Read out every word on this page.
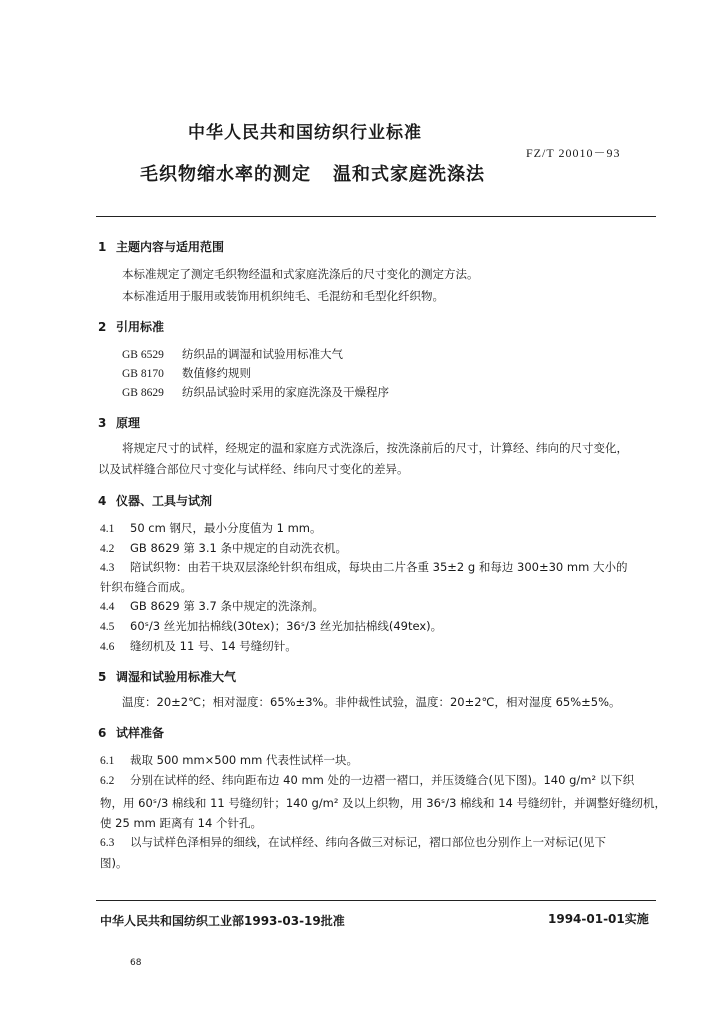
中华人民共和国纺织行业标准
FZ/T 20010－93
毛织物缩水率的测定 温和式家庭洗涤法
1 主题内容与适用范围
本标准规定了测定毛织物经温和式家庭洗涤后的尺寸变化的测定方法。
本标准适用于服用或装饰用机织纯毛、毛混纺和毛型化纤织物。
2 引用标准
GB 6529 纺织品的调湿和试验用标准大气
GB 8170 数值修约规则
GB 8629 纺织品试验时采用的家庭洗涤及干燥程序
3 原理
将规定尺寸的试样，经规定的温和家庭方式洗涤后，按洗涤前后的尺寸，计算经、纬向的尺寸变化，
以及试样缝合部位尺寸变化与试样经、纬向尺寸变化的差异。
4 仪器、工具与试剂
4.1 50 cm 钢尺，最小分度值为 1 mm。
4.2 GB 8629 第 3.1 条中规定的自动洗衣机。
4.3 陪试织物：由若干块双层涤纶针织布组成，每块由二片各重 35±2 g 和每边 300±30 mm 大小的
针织布缝合而成。
4.4 GB 8629 第 3.7 条中规定的洗涤剂。
4.5 60ˢ/3 丝光加拈棉线(30tex)；36ˢ/3 丝光加拈棉线(49tex)。
4.6 缝纫机及 11 号、14 号缝纫针。
5 调湿和试验用标准大气
温度：20±2℃；相对湿度：65%±3%。非仲裁性试验，温度：20±2℃，相对湿度 65%±5%。
6 试样准备
6.1 裁取 500 mm×500 mm 代表性试样一块。
6.2 分别在试样的经、纬向距布边 40 mm 处的一边褶一褶口，并压烫缝合(见下图)。140 g/m² 以下织
物，用 60ˢ/3 棉线和 11 号缝纫针；140 g/m² 及以上织物，用 36ˢ/3 棉线和 14 号缝纫针，并调整好缝纫机，
使 25 mm 距离有 14 个针孔。
6.3 以与试样色泽相异的细线，在试样经、纬向各做三对标记，褶口部位也分别作上一对标记(见下
图)。
中华人民共和国纺织工业部1993-03-19批准	1994-01-01实施
68
